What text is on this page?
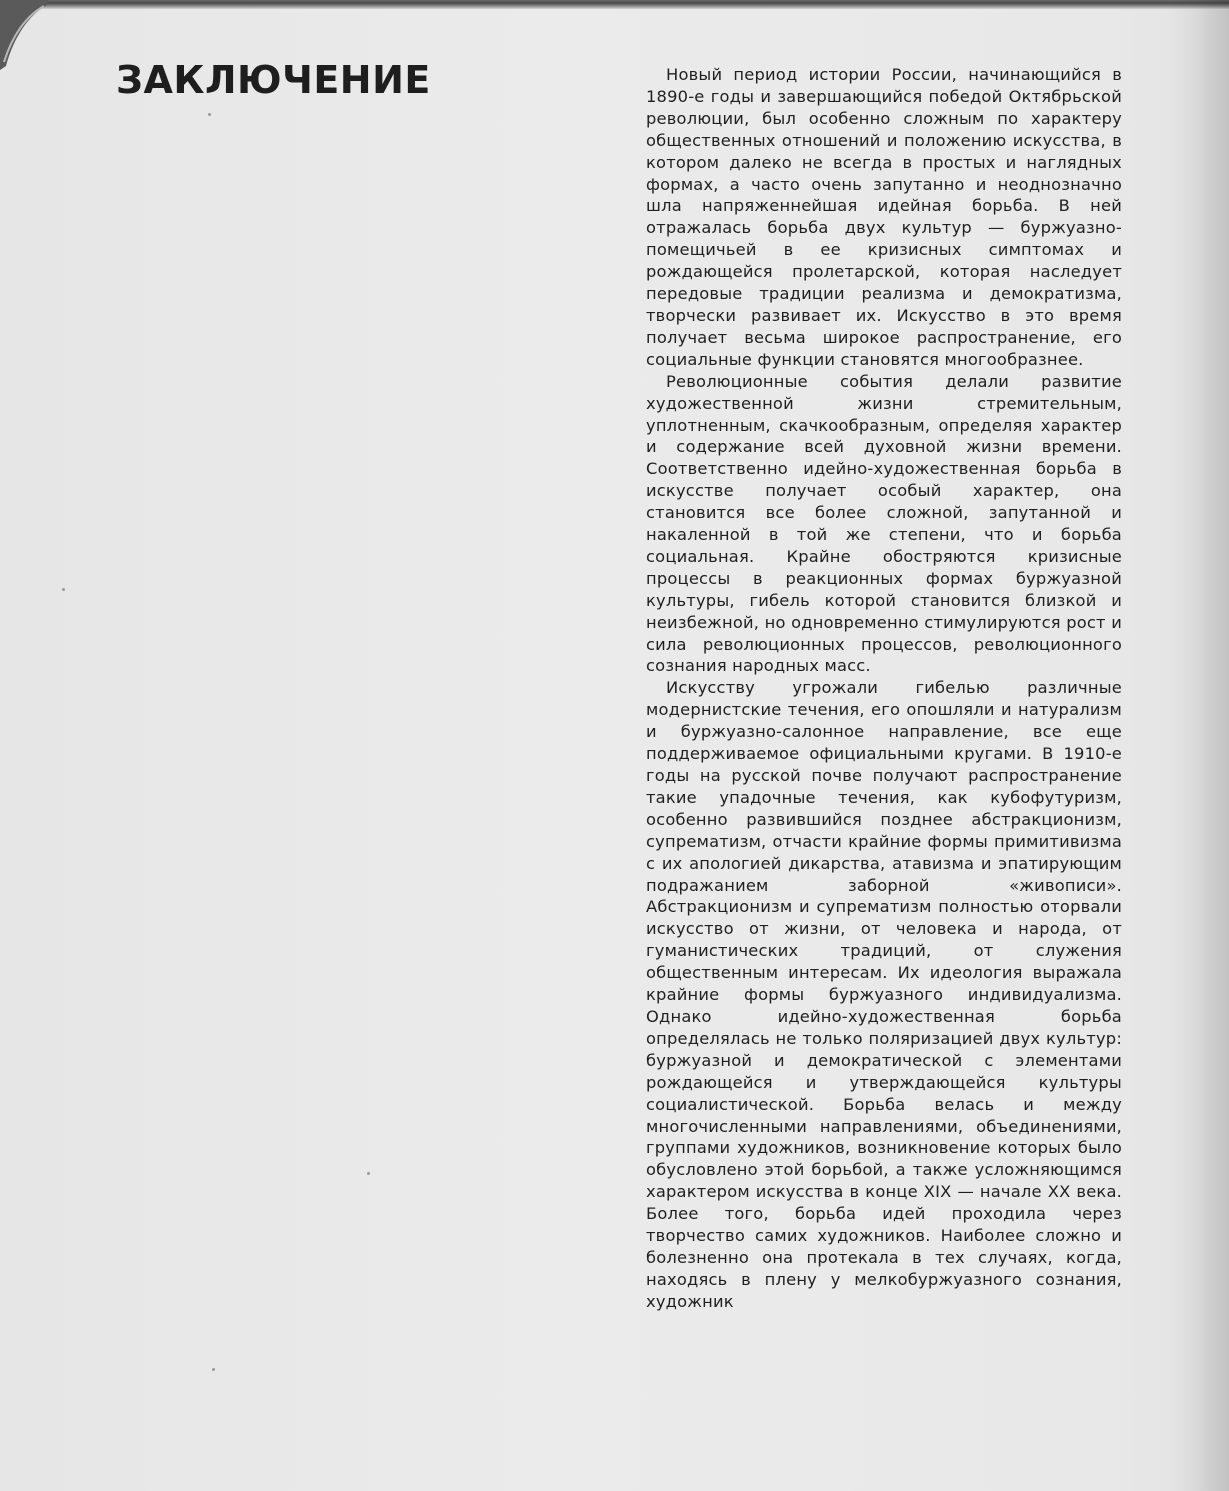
ЗАКЛЮЧЕНИЕ	Новый период истории России, начинающийся в 1890-е годы и завершающийся победой Октябрьской революции, был особенно сложным по характеру общественных отношений и положению искусства, в котором далеко не всегда в простых и наглядных формах, а часто очень запутанно и неоднозначно шла напряженнейшая идейная борьба. В ней отражалась борьба двух культур — буржуазно-помещичьей в ее кризисных симптомах и рождающейся пролетарской, которая наследует передовые традиции реализма и демократизма, творчески развивает их. Искусство в это время получает весьма широкое распространение, его социальные функции становятся многообразнее.

Революционные события делали развитие художественной жизни стремительным, уплотненным, скачкообразным, определяя характер и содержание всей духовной жизни времени. Соответственно идейно-художественная борьба в искусстве получает особый характер, она становится все более сложной, запутанной и накаленной в той же степени, что и борьба социальная. Крайне обостряются кризисные процессы в реакционных формах буржуазной культуры, гибель которой становится близкой и неизбежной, но одновременно стимулируются рост и сила революционных процессов, революционного сознания народных масс.

Искусству угрожали гибелью различные модернистские течения, его опошляли и натурализм и буржуазно-салонное направление, все еще поддерживаемое официальными кругами. В 1910-е годы на русской почве получают распространение такие упадочные течения, как кубофутуризм, особенно развившийся позднее абстракционизм, супрематизм, отчасти крайние формы примитивизма с их апологией дикарства, атавизма и эпатирующим подражанием заборной «живописи». Абстракционизм и супрематизм полностью оторвали искусство от жизни, от человека и народа, от гуманистических традиций, от служения общественным интересам. Их идеология выражала крайние формы буржуазного индивидуализма. Однако идейно-художественная борьба определялась не только поляризацией двух культур: буржуазной и демократической с элементами рождающейся и утверждающейся культуры социалистической. Борьба велась и между многочисленными направлениями, объединениями, группами художников, возникновение которых было обусловлено этой борьбой, а также усложняющимся характером искусства в конце XIX — начале XX века. Более того, борьба идей проходила через творчество самих художников. Наиболее сложно и болезненно она протекала в тех случаях, когда, находясь в плену у мелкобуржуазного сознания, художник
